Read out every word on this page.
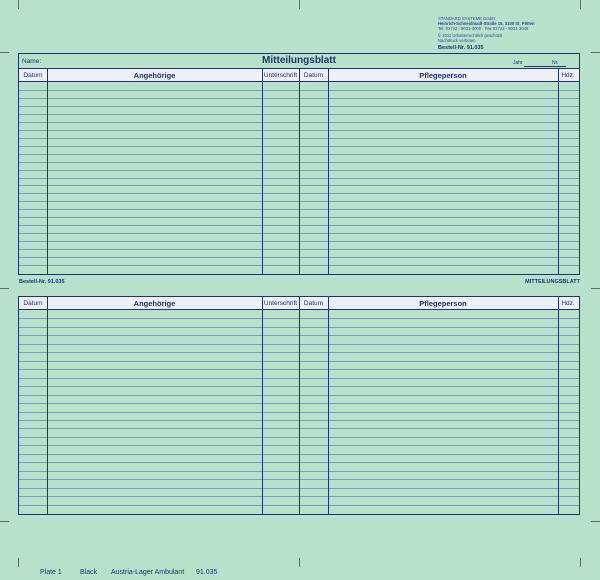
STANDARD SYSTEME GmbH
Heinrich-Schneidmadl-Straße 15, 3100 St. Pölten
Tel. 02742 - 9031-3000 · Fax 02742 - 9031-3049
© 2011 Urheberrechtlich geschützt
Nachdruck verboten
Bestell-Nr. 91.035
Name:	Mitteilungsblatt	Jahr	Nr.
Datum	Angehörige	Unterschrift	Datum	Pflegeperson	Hdz.
Bestell-Nr. 91.035	MITTEILUNGSBLATT
Datum	Angehörige	Unterschrift	Datum	Pflegeperson	Hdz.
Plate 1	Black Austria-Lager Ambulant 91.035
